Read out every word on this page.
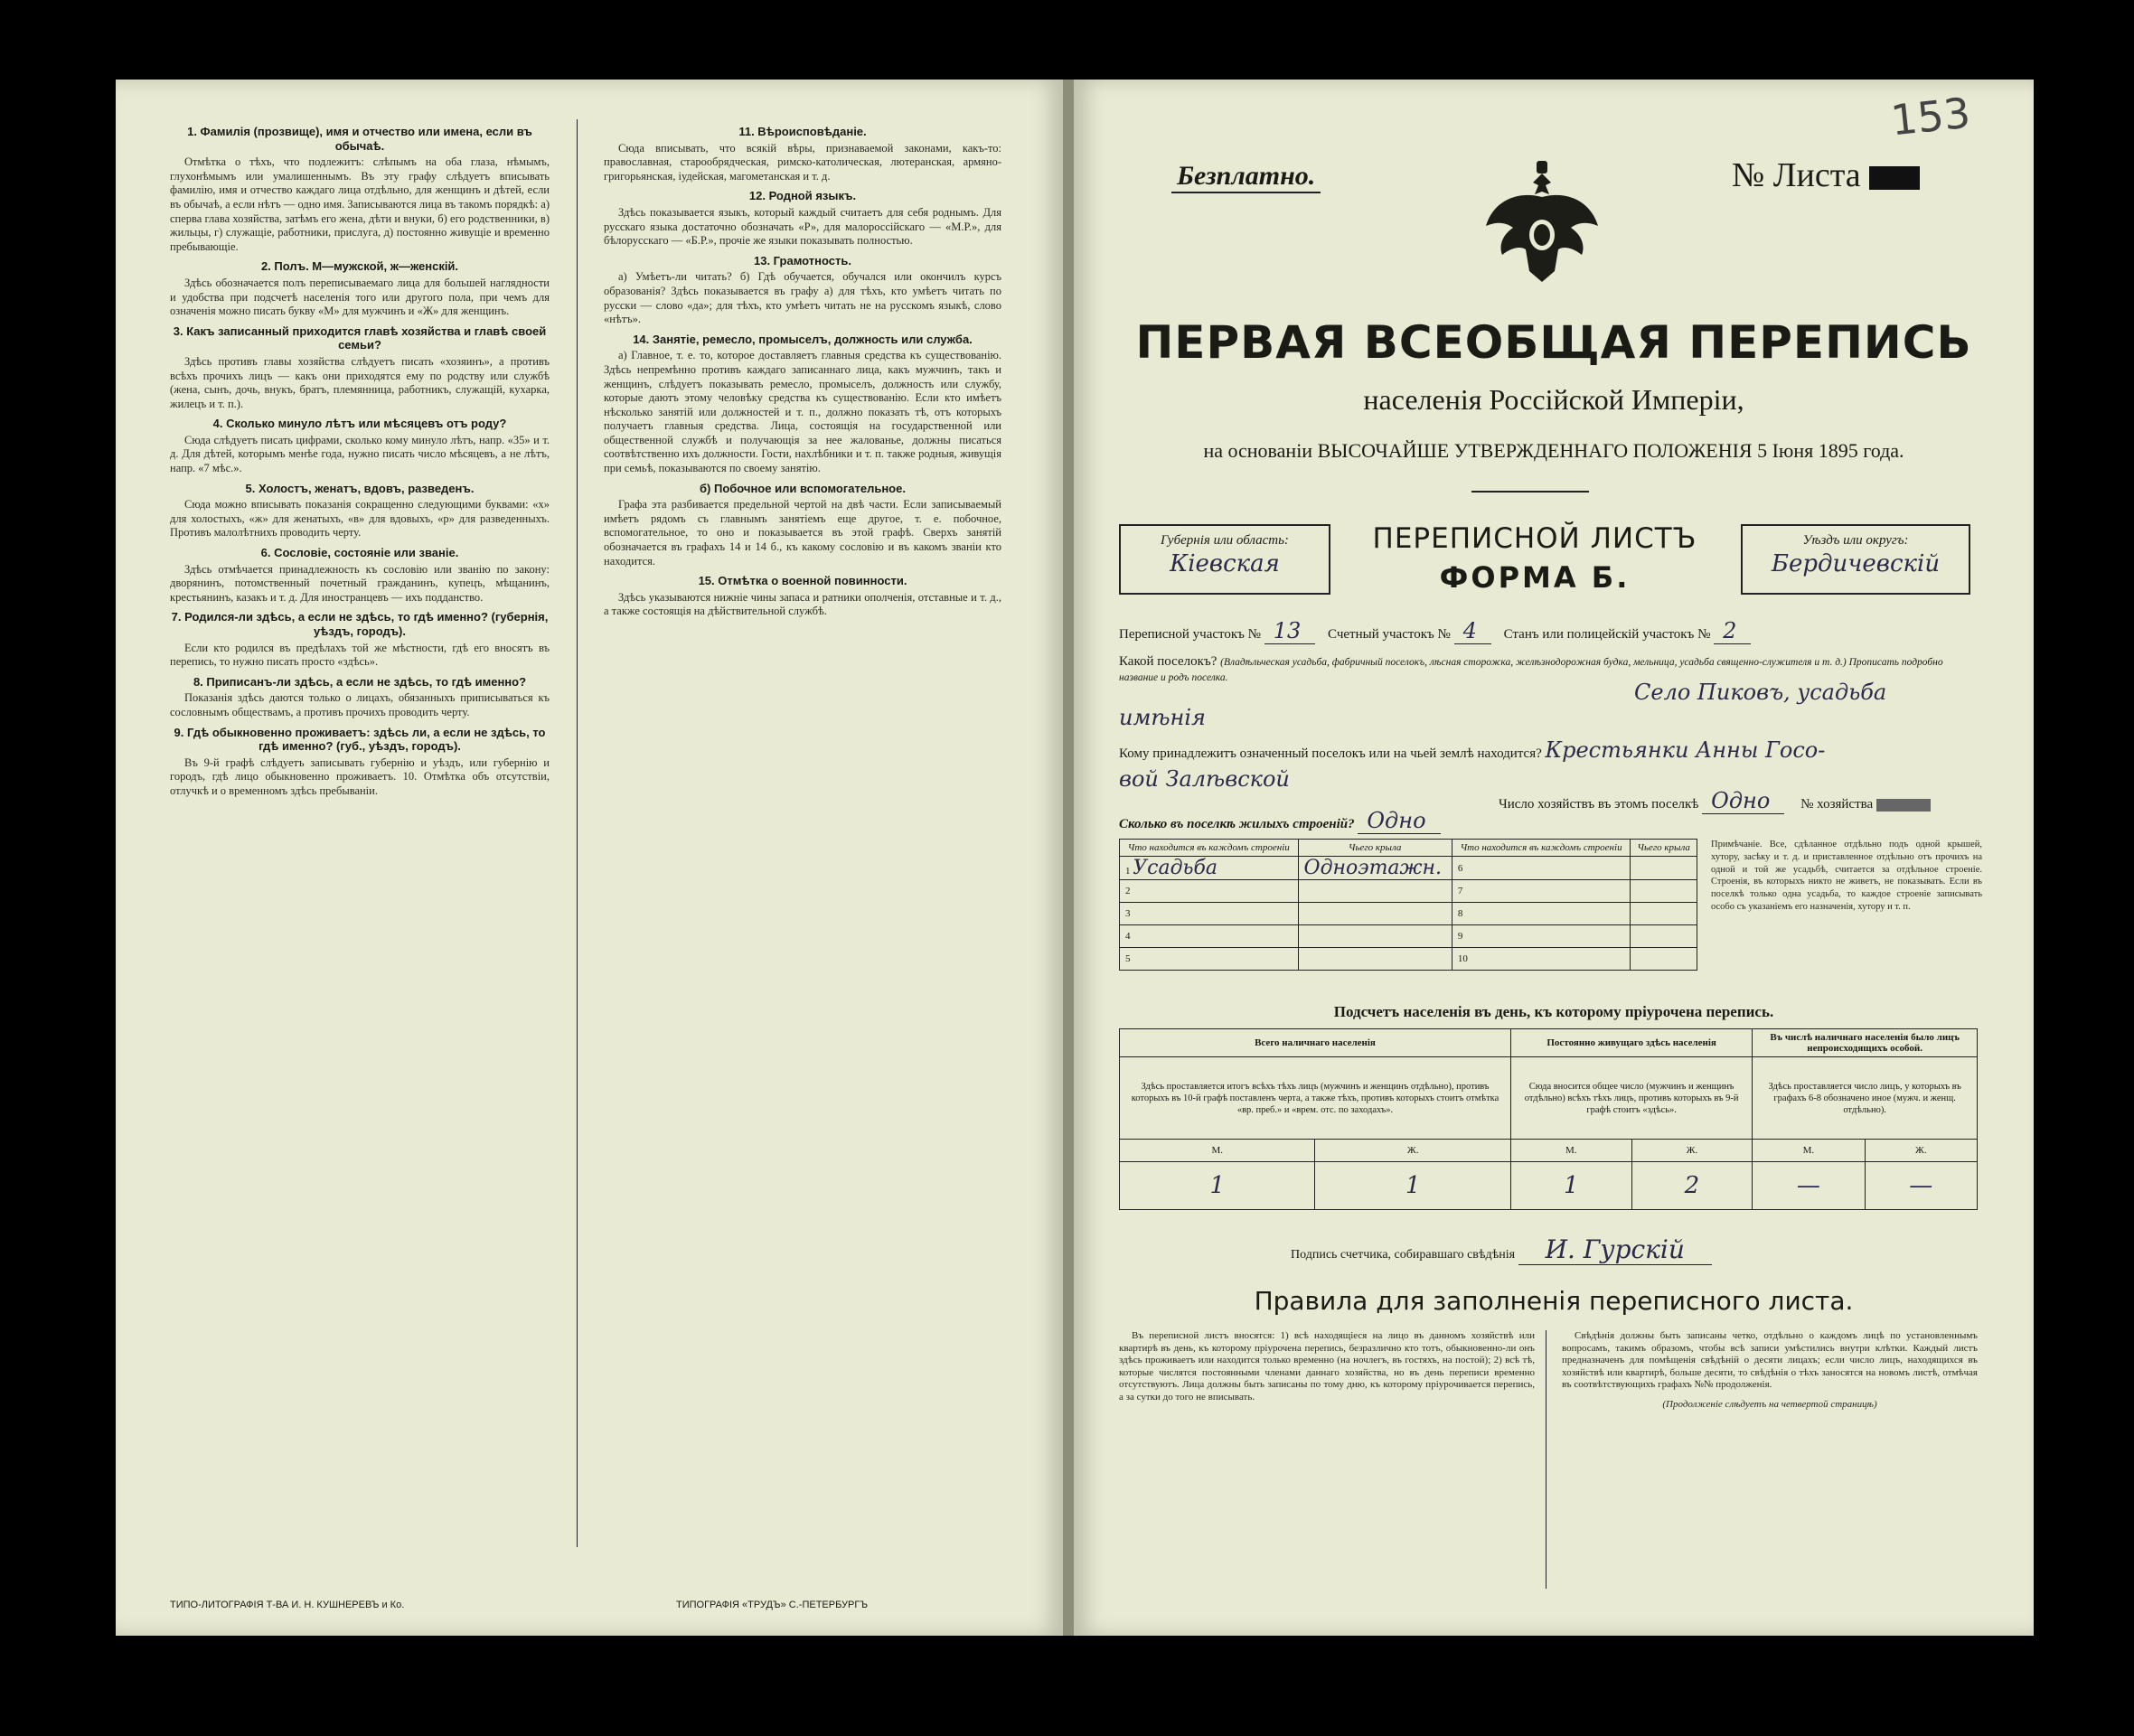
1. Фамилія (прозвище), имя и отчество или имена, если въ обычаѣ.

Отмѣтка о тѣхъ, что подлежитъ: слѣпымъ на оба глаза, нѣмымъ, глухонѣмымъ или умалишеннымъ. Въ эту графу слѣдуетъ вписывать фамилію, имя и отчество каждаго лица отдѣльно, для женщинъ и дѣтей, если въ обычаѣ, а если нѣтъ — одно имя. Записываются лица въ такомъ порядкѣ: а) сперва глава хозяйства, затѣмъ его жена, дѣти и внуки, б) его родственники, в) жильцы, г) служащіе, работники, прислуга, д) постоянно живущіе и временно пребывающіе.

2. Полъ. М—мужской, ж—женскій.

Здѣсь обозначается полъ переписываемаго лица для большей наглядности и удобства при подсчетѣ населенія того или другого пола, при чемъ для означенія можно писать букву «М» для мужчинъ и «Ж» для женщинъ.

3. Какъ записанный приходится главѣ хозяйства и главѣ своей семьи?

Здѣсь противъ главы хозяйства слѣдуетъ писать «хозяинъ», а противъ всѣхъ прочихъ лицъ — какъ они приходятся ему по родству или службѣ (жена, сынъ, дочь, внукъ, братъ, племянница, работникъ, служащій, кухарка, жилецъ и т. п.).

4. Сколько минуло лѣтъ или мѣсяцевъ отъ роду?

Сюда слѣдуетъ писать цифрами, сколько кому минуло лѣтъ, напр. «35» и т. д. Для дѣтей, которымъ менѣе года, нужно писать число мѣсяцевъ, а не лѣтъ, напр. «7 мѣс.».

5. Холостъ, женатъ, вдовъ, разведенъ.

Сюда можно вписывать показанія сокращенно следующими буквами: «х» для холостыхъ, «ж» для женатыхъ, «в» для вдовыхъ, «р» для разведенныхъ. Противъ малолѣтнихъ проводить черту.

6. Сословіе, состояніе или званіе.

Здѣсь отмѣчается принадлежность къ сословію или званію по закону: дворянинъ, потомственный почетный гражданинъ, купецъ, мѣщанинъ, крестьянинъ, казакъ и т. д. Для иностранцевъ — ихъ подданство.

7. Родился-ли здѣсь, а если не здѣсь, то гдѣ именно? (губернія, уѣздъ, городъ).

Если кто родился въ предѣлахъ той же мѣстности, гдѣ его вносятъ въ перепись, то нужно писать просто «здѣсь».

8. Приписанъ-ли здѣсь, а если не здѣсь, то гдѣ именно?

Показанія здѣсь даются только о лицахъ, обязанныхъ приписываться къ сословнымъ обществамъ, а противъ прочихъ проводить черту.

9. Гдѣ обыкновенно проживаетъ: здѣсь ли, а если не здѣсь, то гдѣ именно? (губ., уѣздъ, городъ).

Въ 9-й графѣ слѣдуетъ записывать губернію и уѣздъ, или губернію и городъ, гдѣ лицо обыкновенно проживаетъ. 10. Отмѣтка объ отсутствіи, отлучкѣ и о временномъ здѣсь пребываніи.

11. Вѣроисповѣданіе.

Сюда вписывать, что всякій вѣры, признаваемой законами, какъ-то: православная, старообрядческая, римско-католическая, лютеранская, армяно-григорьянская, іудейская, магометанская и т. д.

12. Родной языкъ.

Здѣсь показывается языкъ, который каждый считаетъ для себя роднымъ. Для русскаго языка достаточно обозначать «Р», для малороссійскаго — «М.Р.», для бѣлорусскаго — «Б.Р.», прочіе же языки показывать полностью.

13. Грамотность.

а) Умѣетъ-ли читать? б) Гдѣ обучается, обучался или окончилъ курсъ образованія? Здѣсь показывается въ графу а) для тѣхъ, кто умѣетъ читать по русски — слово «да»; для тѣхъ, кто умѣетъ читать не на русскомъ языкѣ, слово «нѣтъ».

14. Занятіе, ремесло, промыселъ, должность или служба.

а) Главное, т. е. то, которое доставляетъ главныя средства къ существованію. Здѣсь непремѣнно противъ каждаго записаннаго лица, какъ мужчинъ, такъ и женщинъ, слѣдуетъ показывать ремесло, промыселъ, должность или службу, которые даютъ этому человѣку средства къ существованію. Если кто имѣетъ нѣсколько занятій или должностей и т. п., должно показать тѣ, отъ которыхъ получаетъ главныя средства. Лица, состоящія на государственной или общественной службѣ и получающія за нее жалованье, должны писаться соотвѣтственно ихъ должности. Гости, нахлѣбники и т. п. также родныя, живущія при семьѣ, показываются по своему занятію.

б) Побочное или вспомогательное.

Графа эта разбивается предельной чертой на двѣ части. Если записываемый имѣетъ рядомъ съ главнымъ занятіемъ еще другое, т. е. побочное, вспомогательное, то оно и показывается въ этой графѣ. Сверхъ занятій обозначается въ графахъ 14 и 14 б., къ какому сословію и въ какомъ званіи кто находится.

15. Отмѣтка о военной повинности.

Здѣсь указываются нижніе чины запаса и ратники ополченія, отставные и т. д., а также состоящія на дѣйствительной службѣ.

ТИПО-ЛИТОГРАФІЯ Т-ВА И. Н. КУШНЕРЕВЪ и Ко.	ТИПОГРАФІЯ «ТРУДЪ» С.-ПЕТЕРБУРГЪ
153
Безплатно.	№ Листа
ПЕРВАЯ ВСЕОБЩАЯ ПЕРЕПИСЬ
населенія Россійской Имперіи,
на основаніи ВЫСОЧАЙШЕ УТВЕРЖДЕННАГО ПОЛОЖЕНІЯ 5 Іюня 1895 года.
Губернія или область:
Кіевская
ПЕРЕПИСНОЙ ЛИСТЪ
ФОРМА Б.
Уѣздъ или округъ:
Бердичевскій
Переписной участокъ № 13 Счетный участокъ № 4 Станъ или полицейскій участокъ № 2
Какой поселокъ? (Владѣльческая усадьба, фабричный поселокъ, лѣсная сторожка, желѣзнодорожная будка, мельница, усадьба священно-служителя и т. д.) Прописать подробно название и родъ поселка.
Село Пиковъ, усадьба
имѣнія
Кому принадлежитъ означенный поселокъ или на чьей землѣ находится? Крестьянки Анны Госо-
вой Залѣвской
Число хозяйствъ въ этомъ поселкѣ Одно № хозяйства
Сколько въ поселкѣ жилыхъ строеній? Одно
Что находится въ каждомъ строеніи	Чьего крыла	Что находится въ каждомъ строеніи	Чьего крыла
1 Усадьба	Одноэтажн.	6	
2		7	
3		8	
4		9	
5		10	
Примѣчаніе. Все, сдѣланное отдѣльно подъ одной крышей, хутору, засѣку и т. д. и приставленное отдѣльно отъ прочихъ на одной и той же усадьбѣ, считается за отдѣльное строеніе. Строенія, въ которыхъ никто не живетъ, не показывать. Если въ поселкѣ только одна усадьба, то каждое строеніе записывать особо съ указаніемъ его назначенія, хутору и т. п.
Подсчетъ населенія въ день, къ которому пріурочена перепись.
Всего наличнаго населенія		Постоянно живущаго здѣсь населенія		Въ числѣ наличнаго населенія было лицъ непроисходящихъ особой.	
Здѣсь проставляется итогъ всѣхъ тѣхъ лицъ (мужчинъ и женщинъ отдѣльно), противъ которыхъ въ 10-й графѣ поставленъ черта, а также тѣхъ, противъ которыхъ стоитъ отмѣтка «вр. преб.» и «врем. отс. по заходахъ».		Сюда вносится общее число (мужчинъ и женщинъ отдѣльно) всѣхъ тѣхъ лицъ, противъ которыхъ въ 9-й графѣ стоитъ «здѣсь».		Здѣсь проставляется число лицъ, у которыхъ въ графахъ 6-8 обозначено иное (мужч. и женщ. отдѣльно).	
М.	Ж.	М.	Ж.	М.	Ж.
1	1	1	2	—	—
Подпись счетчика, собиравшаго свѣдѣнія И. Гурскій
Правила для заполненія переписного листа.

Въ переписной листъ вносятся: 1) всѣ находящіеся на лицо въ данномъ хозяйствѣ или квартирѣ въ день, къ которому пріурочена перепись, безразлично кто тотъ, обыкновенно-ли онъ здѣсь проживаетъ или находится только временно (на ночлегъ, въ гостяхъ, на постой); 2) всѣ тѣ, которые числятся постоянными членами даннаго хозяйства, но въ день переписи временно отсутствуютъ. Лица должны быть записаны по тому дню, къ которому пріурочивается перепись, а за сутки до того не вписывать.

Свѣдѣнія должны быть записаны четко, отдѣльно о каждомъ лицѣ по установленнымъ вопросамъ, такимъ образомъ, чтобы всѣ записи умѣстились внутри клѣтки. Каждый листъ предназначенъ для помѣщенія свѣдѣній о десяти лицахъ; если число лицъ, находящихся въ хозяйствѣ или квартирѣ, больше десяти, то свѣдѣнія о тѣхъ заносятся на новомъ листѣ, отмѣчая въ соотвѣтствующихъ графахъ №№ продолженія.

(Продолженіе слѣдуетъ на четвертой страницѣ)
